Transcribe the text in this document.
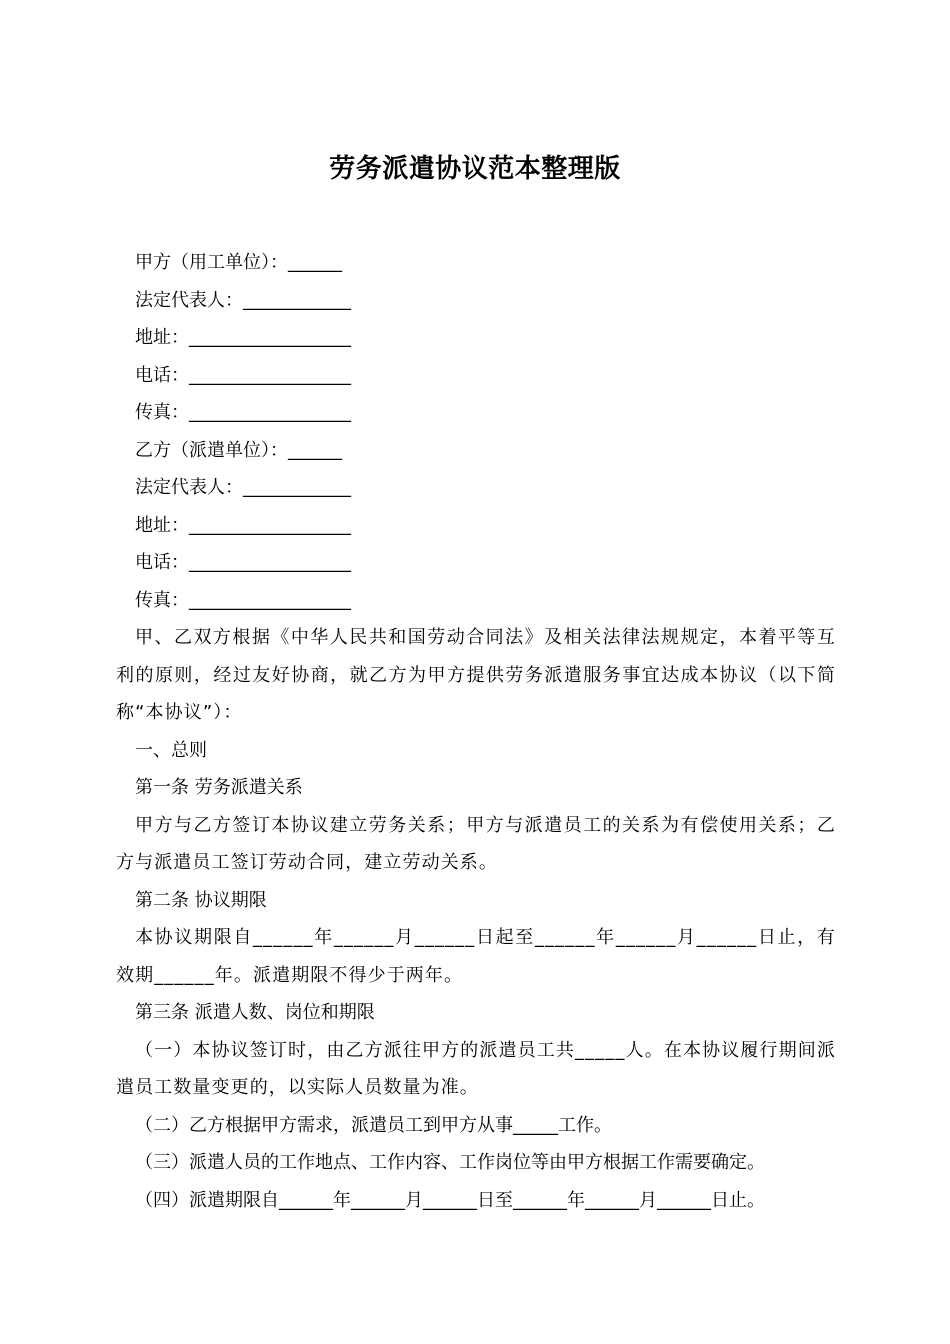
劳务派遣协议范本整理版

甲方（用工单位）：______

法定代表人：____________

地址：__________________

电话：__________________

传真：__________________

乙方（派遣单位）：______

法定代表人：____________

地址：__________________

电话：__________________

传真：__________________

甲、乙双方根据《中华人民共和国劳动合同法》及相关法律法规规定，本着平等互利的原则，经过友好协商，就乙方为甲方提供劳务派遣服务事宜达成本协议（以下简称“本协议”）：

一、总则

第一条 劳务派遣关系

甲方与乙方签订本协议建立劳务关系；甲方与派遣员工的关系为有偿使用关系；乙方与派遣员工签订劳动合同，建立劳动关系。

第二条 协议期限

本协议期限自______年______月______日起至______年______月______日止，有效期______年。派遣期限不得少于两年。

第三条 派遣人数、岗位和期限

（一）本协议签订时，由乙方派往甲方的派遣员工共_____人。在本协议履行期间派遣员工数量变更的，以实际人员数量为准。

（二）乙方根据甲方需求，派遣员工到甲方从事_____工作。

（三）派遣人员的工作地点、工作内容、工作岗位等由甲方根据工作需要确定。

（四）派遣期限自______年______月______日至______年______月______日止。
